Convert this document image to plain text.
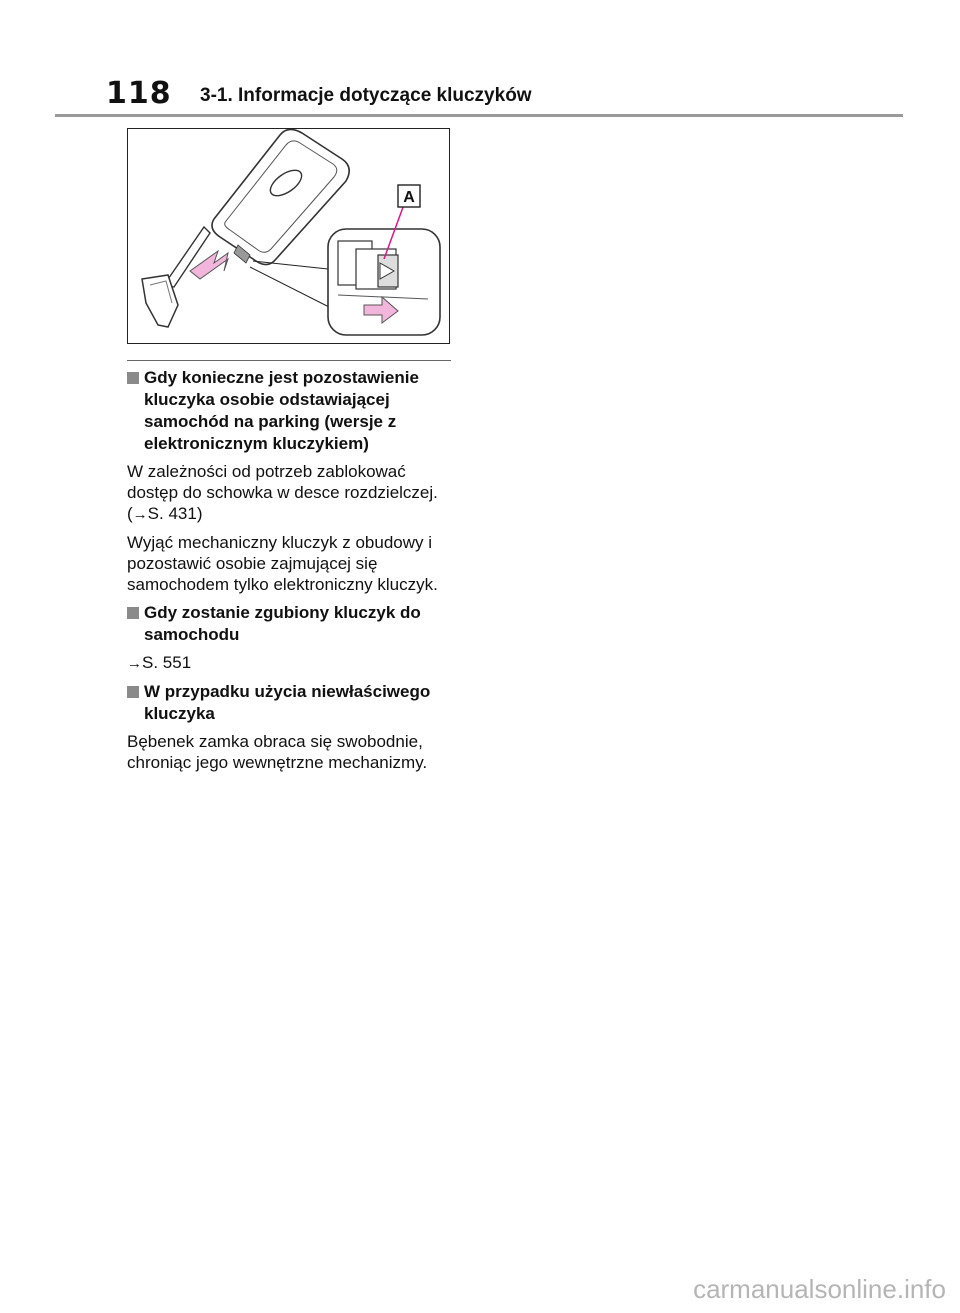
118 3-1. Informacje dotyczące kluczyków
A
Gdy konieczne jest pozostawienie kluczyka osobie odstawiającej samochód na parking (wersje z elektronicznym kluczykiem)

W zależności od potrzeb zablokować dostęp do schowka w desce rozdzielczej. (→S. 431)

Wyjąć mechaniczny kluczyk z obudowy i pozostawić osobie zajmującej się samochodem tylko elektroniczny kluczyk.

Gdy zostanie zgubiony kluczyk do samochodu

→S. 551

W przypadku użycia niewłaściwego kluczyka

Bębenek zamka obraca się swobodnie, chroniąc jego wewnętrzne mechanizmy.

carmanualsonline.info
